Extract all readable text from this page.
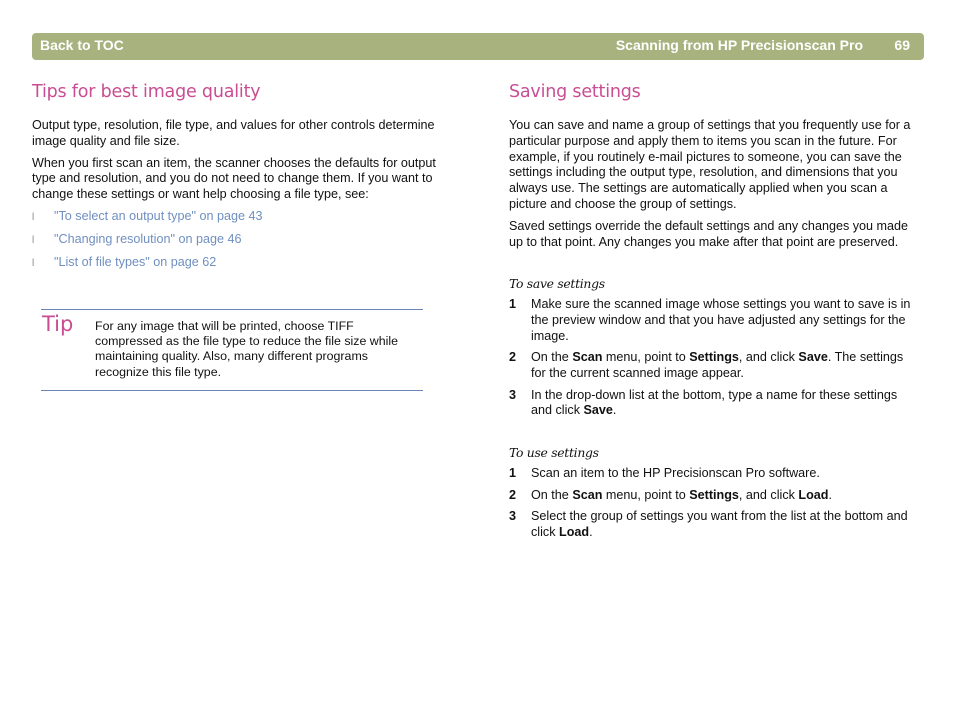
Back to TOC	Scanning from HP Precisionscan Pro 69
Tips for best image quality

Output type, resolution, file type, and values for other controls determine image quality and file size.

When you first scan an item, the scanner chooses the defaults for output type and resolution, and you do not need to change them. If you want to change these settings or want help choosing a file type, see:

l "To select an output type" on page 43
l "Changing resolution" on page 46
l "List of file types" on page 62
Tip For any image that will be printed, choose TIFF compressed as the file type to reduce the file size while maintaining quality. Also, many different programs recognize this file type.
Saving settings

You can save and name a group of settings that you frequently use for a particular purpose and apply them to items you scan in the future. For example, if you routinely e-mail pictures to someone, you can save the settings including the output type, resolution, and dimensions that you always use. The settings are automatically applied when you scan a picture and choose the group of settings.

Saved settings override the default settings and any changes you made up to that point. Any changes you make after that point are preserved.

To save settings
1 Make sure the scanned image whose settings you want to save is in the preview window and that you have adjusted any settings for the image.
2 On the Scan menu, point to Settings, and click Save. The settings for the current scanned image appear.
3 In the drop-down list at the bottom, type a name for these settings and click Save.
To use settings
1 Scan an item to the HP Precisionscan Pro software.
2 On the Scan menu, point to Settings, and click Load.
3 Select the group of settings you want from the list at the bottom and click Load.
